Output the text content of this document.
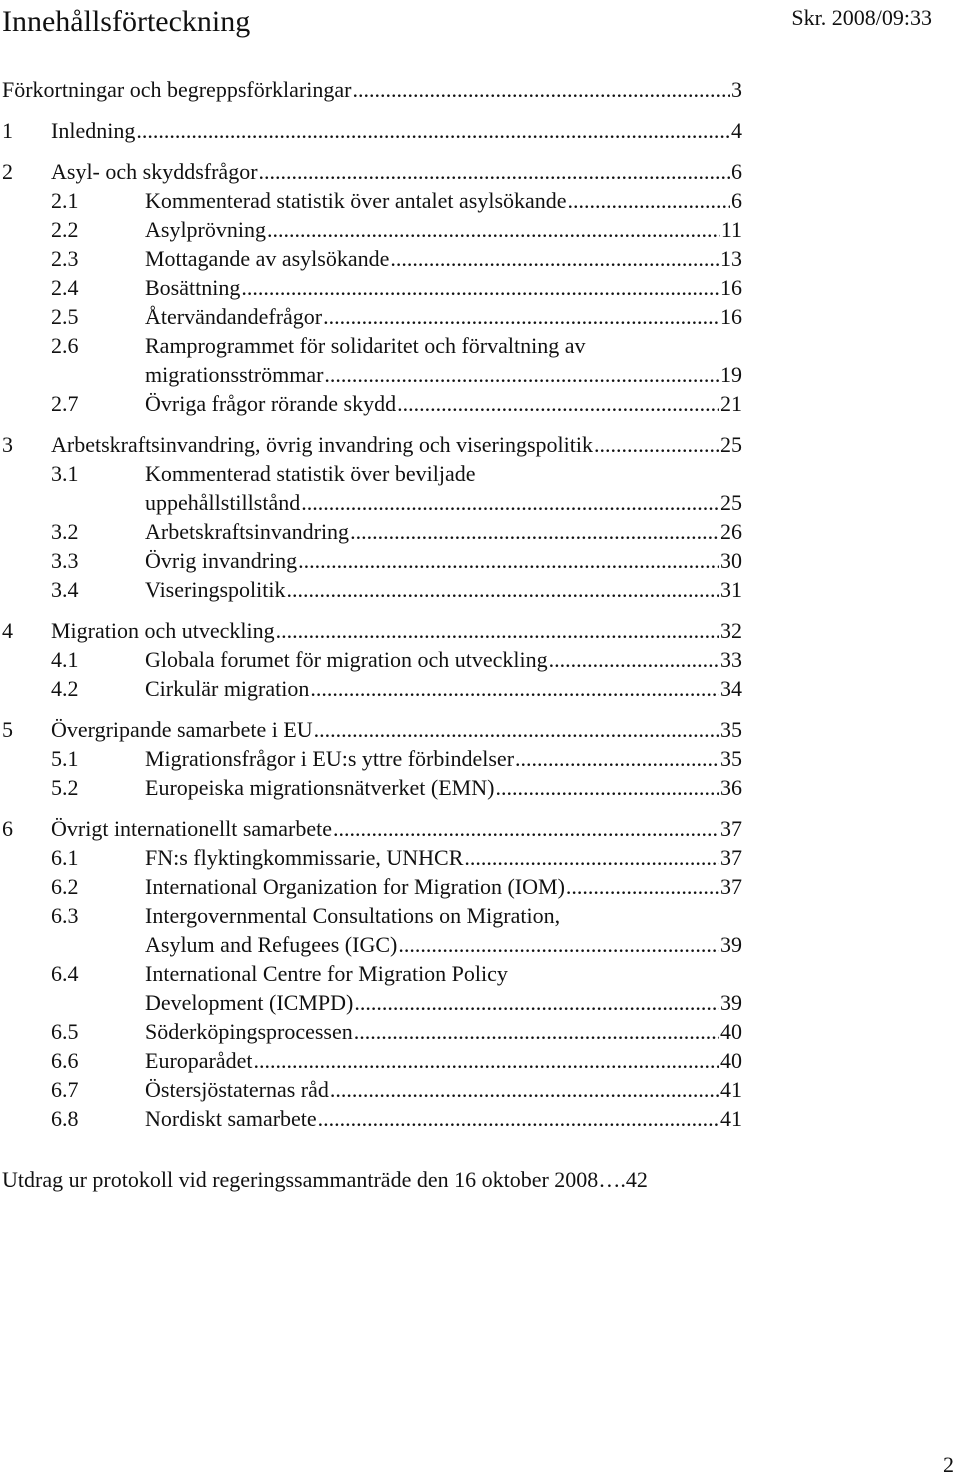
Innehållsförteckning	Skr. 2008/09:33
Förkortningar och begreppsförklaringar .....	3
1 Inledning .....	4
2 Asyl- och skyddsfrågor .....	6
2.1	Kommenterad statistik över antalet asylsökande .....	6
2.2	Asylprövning .....	11
2.3	Mottagande av asylsökande .....	13
2.4	Bosättning .....	16
2.5	Återvändandefrågor .....	16
2.6	Ramprogrammet för solidaritet och förvaltning av
migrationsströmmar .....	19
2.7	Övriga frågor rörande skydd .....	21
3 Arbetskraftsinvandring, övrig invandring och viseringspolitik .....	25
3.1	Kommenterad statistik över beviljade
uppehållstillstånd .....	25
3.2	Arbetskraftsinvandring .....	26
3.3	Övrig invandring .....	30
3.4	Viseringspolitik .....	31
4 Migration och utveckling .....	32
4.1	Globala forumet för migration och utveckling .....	33
4.2	Cirkulär migration .....	34
5 Övergripande samarbete i EU .....	35
5.1	Migrationsfrågor i EU:s yttre förbindelser .....	35
5.2	Europeiska migrationsnätverket (EMN) .....	36
6 Övrigt internationellt samarbete .....	37
6.1	FN:s flyktingkommissarie, UNHCR .....	37
6.2	International Organization for Migration (IOM) .....	37
6.3	Intergovernmental Consultations on Migration,
Asylum and Refugees (IGC) .....	39
6.4	International Centre for Migration Policy
Development (ICMPD) .....	39
6.5	Söderköpingsprocessen .....	40
6.6	Europarådet .....	40
6.7	Östersjöstaternas råd .....	41
6.8	Nordiskt samarbete .....	41
Utdrag ur protokoll vid regeringssammanträde den 16 oktober 2008 …. 42
2
